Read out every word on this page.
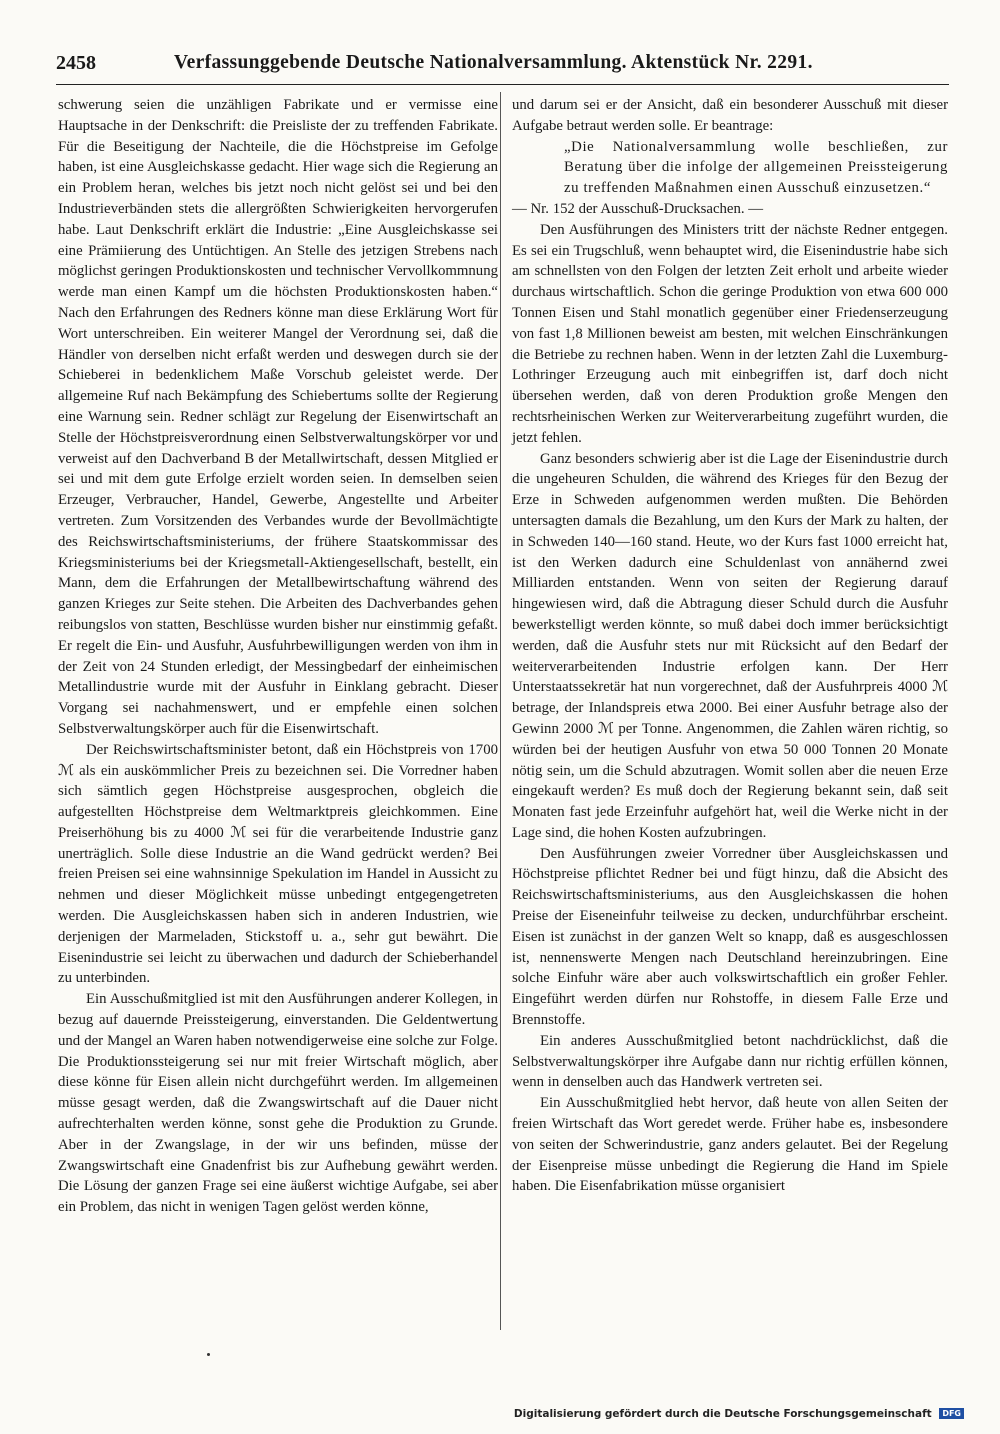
2458	Verfassunggebende Deutsche Nationalversammlung. Aktenstück Nr. 2291.

schwerung seien die unzähligen Fabrikate und er vermisse eine Hauptsache in der Denkschrift: die Preisliste der zu treffenden Fabrikate. Für die Beseitigung der Nachteile, die die Höchstpreise im Gefolge haben, ist eine Ausgleichskasse gedacht. Hier wage sich die Regierung an ein Problem heran, welches bis jetzt noch nicht gelöst sei und bei den Industrieverbänden stets die allergrößten Schwierigkeiten hervorgerufen habe. Laut Denkschrift erklärt die Industrie: „Eine Ausgleichskasse sei eine Prämiierung des Untüchtigen. An Stelle des jetzigen Strebens nach möglichst geringen Produktionskosten und technischer Vervollkommnung werde man einen Kampf um die höchsten Produktionskosten haben.“ Nach den Erfahrungen des Redners könne man diese Erklärung Wort für Wort unterschreiben. Ein weiterer Mangel der Verordnung sei, daß die Händler von derselben nicht erfaßt werden und deswegen durch sie der Schieberei in bedenklichem Maße Vorschub geleistet werde. Der allgemeine Ruf nach Bekämpfung des Schiebertums sollte der Regierung eine Warnung sein. Redner schlägt zur Regelung der Eisenwirtschaft an Stelle der Höchstpreisverordnung einen Selbstverwaltungskörper vor und verweist auf den Dachverband B der Metallwirtschaft, dessen Mitglied er sei und mit dem gute Erfolge erzielt worden seien. In demselben seien Erzeuger, Verbraucher, Handel, Gewerbe, Angestellte und Arbeiter vertreten. Zum Vorsitzenden des Verbandes wurde der Bevollmächtigte des Reichswirtschaftsministeriums, der frühere Staatskommissar des Kriegsministeriums bei der Kriegsmetall-Aktiengesellschaft, bestellt, ein Mann, dem die Erfahrungen der Metallbewirtschaftung während des ganzen Krieges zur Seite stehen. Die Arbeiten des Dachverbandes gehen reibungslos von statten, Beschlüsse wurden bisher nur einstimmig gefaßt. Er regelt die Ein- und Ausfuhr, Ausfuhrbewilligungen werden von ihm in der Zeit von 24 Stunden erledigt, der Messingbedarf der einheimischen Metallindustrie wurde mit der Ausfuhr in Einklang gebracht. Dieser Vorgang sei nachahmenswert, und er empfehle einen solchen Selbstverwaltungskörper auch für die Eisenwirtschaft.

Der Reichswirtschaftsminister betont, daß ein Höchstpreis von 1700 ℳ als ein auskömmlicher Preis zu bezeichnen sei. Die Vorredner haben sich sämtlich gegen Höchstpreise ausgesprochen, obgleich die aufgestellten Höchstpreise dem Weltmarktpreis gleichkommen. Eine Preiserhöhung bis zu 4000 ℳ sei für die verarbeitende Industrie ganz unerträglich. Solle diese Industrie an die Wand gedrückt werden? Bei freien Preisen sei eine wahnsinnige Spekulation im Handel in Aussicht zu nehmen und dieser Möglichkeit müsse unbedingt entgegengetreten werden. Die Ausgleichskassen haben sich in anderen Industrien, wie derjenigen der Marmeladen, Stickstoff u. a., sehr gut bewährt. Die Eisenindustrie sei leicht zu überwachen und dadurch der Schieberhandel zu unterbinden.

Ein Ausschußmitglied ist mit den Ausführungen anderer Kollegen, in bezug auf dauernde Preissteigerung, einverstanden. Die Geldentwertung und der Mangel an Waren haben notwendigerweise eine solche zur Folge. Die Produktionssteigerung sei nur mit freier Wirtschaft möglich, aber diese könne für Eisen allein nicht durchgeführt werden. Im allgemeinen müsse gesagt werden, daß die Zwangswirtschaft auf die Dauer nicht aufrechterhalten werden könne, sonst gehe die Produktion zu Grunde. Aber in der Zwangslage, in der wir uns befinden, müsse der Zwangswirtschaft eine Gnadenfrist bis zur Aufhebung gewährt werden. Die Lösung der ganzen Frage sei eine äußerst wichtige Aufgabe, sei aber ein Problem, das nicht in wenigen Tagen gelöst werden könne,

und darum sei er der Ansicht, daß ein besonderer Ausschuß mit dieser Aufgabe betraut werden solle. Er beantrage:

„Die Nationalversammlung wolle beschließen, zur Beratung über die infolge der allgemeinen Preissteigerung zu treffenden Maßnahmen einen Ausschuß einzusetzen.“

— Nr. 152 der Ausschuß-Drucksachen. —

Den Ausführungen des Ministers tritt der nächste Redner entgegen. Es sei ein Trugschluß, wenn behauptet wird, die Eisenindustrie habe sich am schnellsten von den Folgen der letzten Zeit erholt und arbeite wieder durchaus wirtschaftlich. Schon die geringe Produktion von etwa 600 000 Tonnen Eisen und Stahl monatlich gegenüber einer Friedenserzeugung von fast 1,8 Millionen beweist am besten, mit welchen Einschränkungen die Betriebe zu rechnen haben. Wenn in der letzten Zahl die Luxemburg-Lothringer Erzeugung auch mit einbegriffen ist, darf doch nicht übersehen werden, daß von deren Produktion große Mengen den rechtsrheinischen Werken zur Weiterverarbeitung zugeführt wurden, die jetzt fehlen.

Ganz besonders schwierig aber ist die Lage der Eisenindustrie durch die ungeheuren Schulden, die während des Krieges für den Bezug der Erze in Schweden aufgenommen werden mußten. Die Behörden untersagten damals die Bezahlung, um den Kurs der Mark zu halten, der in Schweden 140—160 stand. Heute, wo der Kurs fast 1000 erreicht hat, ist den Werken dadurch eine Schuldenlast von annähernd zwei Milliarden entstanden. Wenn von seiten der Regierung darauf hingewiesen wird, daß die Abtragung dieser Schuld durch die Ausfuhr bewerkstelligt werden könnte, so muß dabei doch immer berücksichtigt werden, daß die Ausfuhr stets nur mit Rücksicht auf den Bedarf der weiterverarbeitenden Industrie erfolgen kann. Der Herr Unterstaatssekretär hat nun vorgerechnet, daß der Ausfuhrpreis 4000 ℳ betrage, der Inlandspreis etwa 2000. Bei einer Ausfuhr betrage also der Gewinn 2000 ℳ per Tonne. Angenommen, die Zahlen wären richtig, so würden bei der heutigen Ausfuhr von etwa 50 000 Tonnen 20 Monate nötig sein, um die Schuld abzutragen. Womit sollen aber die neuen Erze eingekauft werden? Es muß doch der Regierung bekannt sein, daß seit Monaten fast jede Erzeinfuhr aufgehört hat, weil die Werke nicht in der Lage sind, die hohen Kosten aufzubringen.

Den Ausführungen zweier Vorredner über Ausgleichskassen und Höchstpreise pflichtet Redner bei und fügt hinzu, daß die Absicht des Reichswirtschaftsministeriums, aus den Ausgleichskassen die hohen Preise der Eiseneinfuhr teilweise zu decken, undurchführbar erscheint. Eisen ist zunächst in der ganzen Welt so knapp, daß es ausgeschlossen ist, nennenswerte Mengen nach Deutschland hereinzubringen. Eine solche Einfuhr wäre aber auch volkswirtschaftlich ein großer Fehler. Eingeführt werden dürfen nur Rohstoffe, in diesem Falle Erze und Brennstoffe.

Ein anderes Ausschußmitglied betont nachdrücklichst, daß die Selbstverwaltungskörper ihre Aufgabe dann nur richtig erfüllen können, wenn in denselben auch das Handwerk vertreten sei.

Ein Ausschußmitglied hebt hervor, daß heute von allen Seiten der freien Wirtschaft das Wort geredet werde. Früher habe es, insbesondere von seiten der Schwerindustrie, ganz anders gelautet. Bei der Regelung der Eisenpreise müsse unbedingt die Regierung die Hand im Spiele haben. Die Eisenfabrikation müsse organisiert

Digitalisierung gefördert durch die Deutsche Forschungsgemeinschaft DFG
